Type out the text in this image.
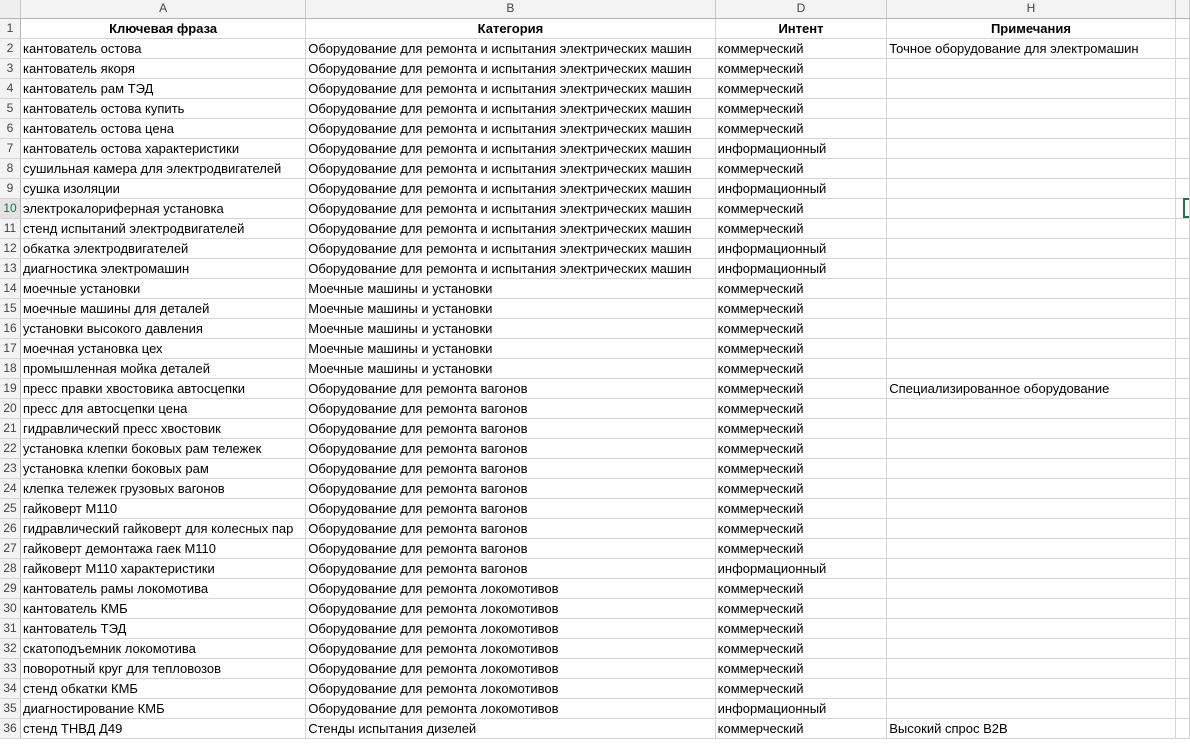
	A	B	D	H	
1	Ключевая фраза	Категория	Интент	Примечания	
2	кантователь остова	Оборудование для ремонта и испытания электрических машин	коммерческий	Точное оборудование для электромашин	
3	кантователь якоря	Оборудование для ремонта и испытания электрических машин	коммерческий		
4	кантователь рам ТЭД	Оборудование для ремонта и испытания электрических машин	коммерческий		
5	кантователь остова купить	Оборудование для ремонта и испытания электрических машин	коммерческий		
6	кантователь остова цена	Оборудование для ремонта и испытания электрических машин	коммерческий		
7	кантователь остова характеристики	Оборудование для ремонта и испытания электрических машин	информационный		
8	сушильная камера для электродвигателей	Оборудование для ремонта и испытания электрических машин	коммерческий		
9	сушка изоляции	Оборудование для ремонта и испытания электрических машин	информационный		
10	электрокалориферная установка	Оборудование для ремонта и испытания электрических машин	коммерческий		
11	стенд испытаний электродвигателей	Оборудование для ремонта и испытания электрических машин	коммерческий		
12	обкатка электродвигателей	Оборудование для ремонта и испытания электрических машин	информационный		
13	диагностика электромашин	Оборудование для ремонта и испытания электрических машин	информационный		
14	моечные установки	Моечные машины и установки	коммерческий		
15	моечные машины для деталей	Моечные машины и установки	коммерческий		
16	установки высокого давления	Моечные машины и установки	коммерческий		
17	моечная установка цех	Моечные машины и установки	коммерческий		
18	промышленная мойка деталей	Моечные машины и установки	коммерческий		
19	пресс правки хвостовика автосцепки	Оборудование для ремонта вагонов	коммерческий	Специализированное оборудование	
20	пресс для автосцепки цена	Оборудование для ремонта вагонов	коммерческий		
21	гидравлический пресс хвостовик	Оборудование для ремонта вагонов	коммерческий		
22	установка клепки боковых рам тележек	Оборудование для ремонта вагонов	коммерческий		
23	установка клепки боковых рам	Оборудование для ремонта вагонов	коммерческий		
24	клепка тележек грузовых вагонов	Оборудование для ремонта вагонов	коммерческий		
25	гайковерт М110	Оборудование для ремонта вагонов	коммерческий		
26	гидравлический гайковерт для колесных пар	Оборудование для ремонта вагонов	коммерческий		
27	гайковерт демонтажа гаек М110	Оборудование для ремонта вагонов	коммерческий		
28	гайковерт М110 характеристики	Оборудование для ремонта вагонов	информационный		
29	кантователь рамы локомотива	Оборудование для ремонта локомотивов	коммерческий		
30	кантователь КМБ	Оборудование для ремонта локомотивов	коммерческий		
31	кантователь ТЭД	Оборудование для ремонта локомотивов	коммерческий		
32	скатоподъемник локомотива	Оборудование для ремонта локомотивов	коммерческий		
33	поворотный круг для тепловозов	Оборудование для ремонта локомотивов	коммерческий		
34	стенд обкатки КМБ	Оборудование для ремонта локомотивов	коммерческий		
35	диагностирование КМБ	Оборудование для ремонта локомотивов	информационный		
36	стенд ТНВД Д49	Стенды испытания дизелей	коммерческий	Высокий спрос B2B	
